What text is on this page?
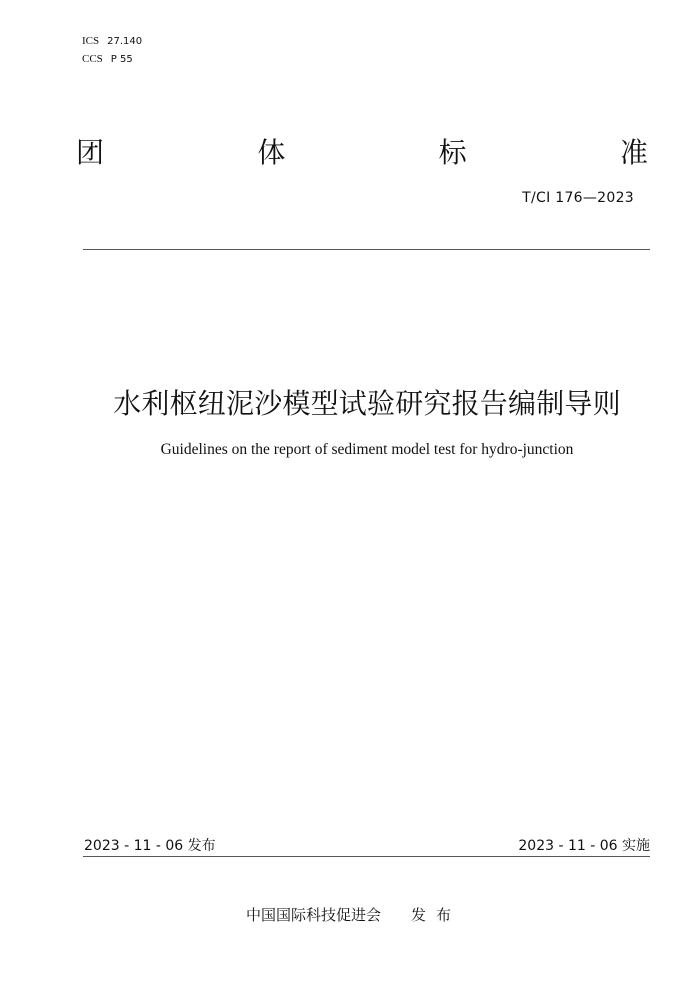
ICS 27.140
CCS P 55
团	体	标	准
T/CI 176—2023
水利枢纽泥沙模型试验研究报告编制导则
Guidelines on the report of sediment model test for hydro-junction
2023 - 11 - 06 发布	2023 - 11 - 06 实施
中国国际科技促进会 发布
